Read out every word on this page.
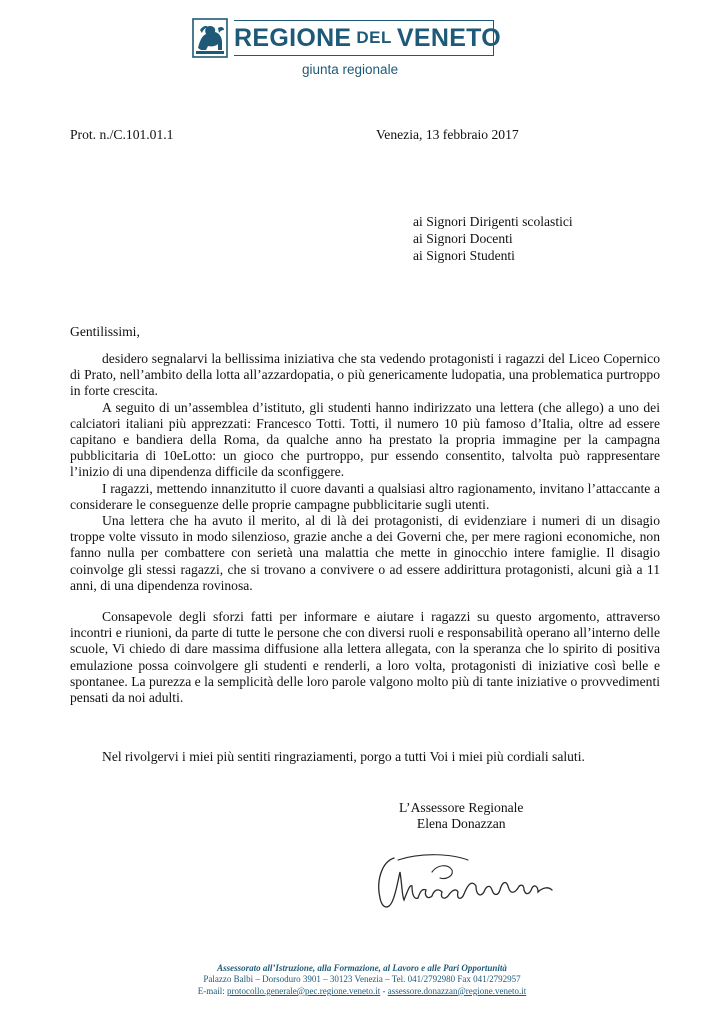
REGIONE DEL VENETO
giunta regionale
Prot. n./C.101.01.1	Venezia, 13 febbraio 2017
ai Signori Dirigenti scolastici
ai Signori Docenti
ai Signori Studenti
Gentilissimi,

desidero segnalarvi la bellissima iniziativa che sta vedendo protagonisti i ragazzi del Liceo Copernico di Prato, nell’ambito della lotta all’azzardopatia, o più genericamente ludopatia, una problematica purtroppo in forte crescita.

A seguito di un’assemblea d’istituto, gli studenti hanno indirizzato una lettera (che allego) a uno dei calciatori italiani più apprezzati: Francesco Totti. Totti, il numero 10 più famoso d’Italia, oltre ad essere capitano e bandiera della Roma, da qualche anno ha prestato la propria immagine per la campagna pubblicitaria di 10eLotto: un gioco che purtroppo, pur essendo consentito, talvolta può rappresentare l’inizio di una dipendenza difficile da sconfiggere.

I ragazzi, mettendo innanzitutto il cuore davanti a qualsiasi altro ragionamento, invitano l’attaccante a considerare le conseguenze delle proprie campagne pubblicitarie sugli utenti.

Una lettera che ha avuto il merito, al di là dei protagonisti, di evidenziare i numeri di un disagio troppe volte vissuto in modo silenzioso, grazie anche a dei Governi che, per mere ragioni economiche, non fanno nulla per combattere con serietà una malattia che mette in ginocchio intere famiglie. Il disagio coinvolge gli stessi ragazzi, che si trovano a convivere o ad essere addirittura protagonisti, alcuni già a 11 anni, di una dipendenza rovinosa.

Consapevole degli sforzi fatti per informare e aiutare i ragazzi su questo argomento, attraverso incontri e riunioni, da parte di tutte le persone che con diversi ruoli e responsabilità operano all’interno delle scuole, Vi chiedo di dare massima diffusione alla lettera allegata, con la speranza che lo spirito di positiva emulazione possa coinvolgere gli studenti e renderli, a loro volta, protagonisti di iniziative così belle e spontanee. La purezza e la semplicità delle loro parole valgono molto più di tante iniziative o provvedimenti pensati da noi adulti.

Nel rivolgervi i miei più sentiti ringraziamenti, porgo a tutti Voi i miei più cordiali saluti.
L’Assessore Regionale
Elena Donazzan
Assessorato all’Istruzione, alla Formazione, al Lavoro e alle Pari Opportunità
Palazzo Balbi – Dorsoduro 3901 – 30123 Venezia – Tel. 041/2792980 Fax 041/2792957
E-mail: protocollo.generale@pec.regione.veneto.it - assessore.donazzan@regione.veneto.it
